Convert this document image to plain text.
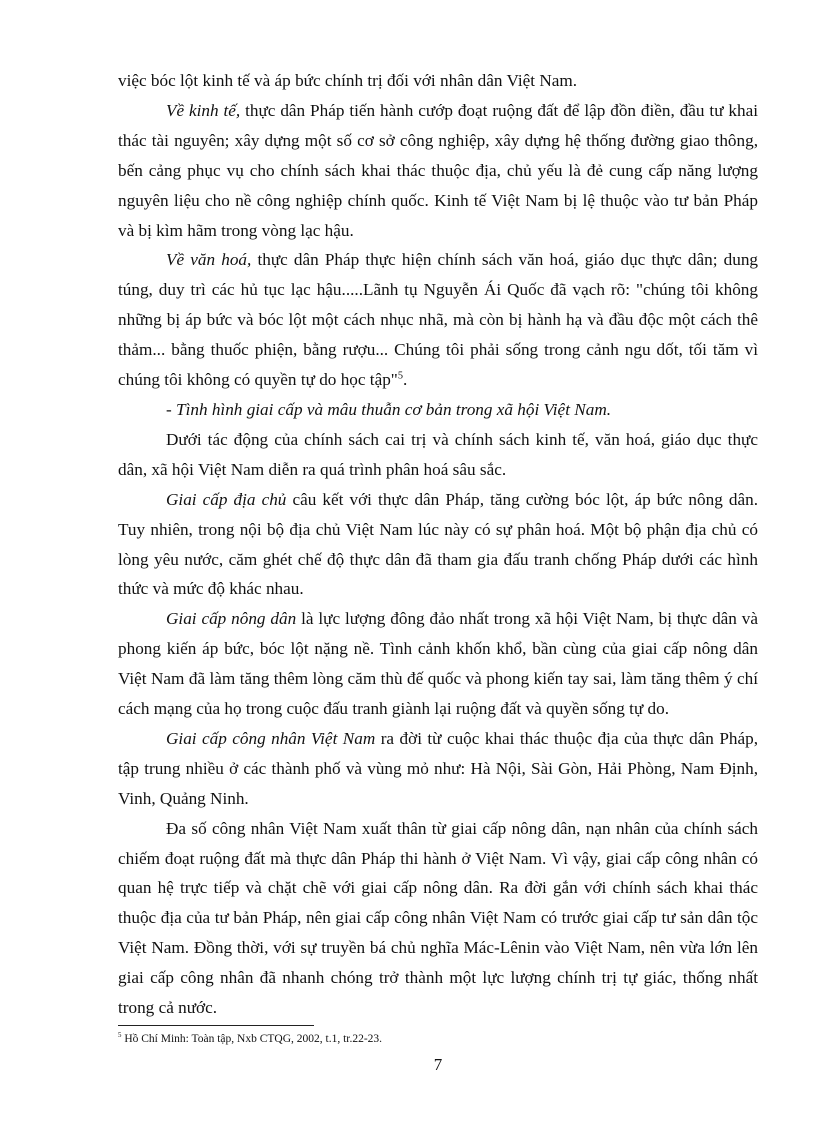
việc bóc lột kinh tế và áp bức chính trị đối với nhân dân Việt Nam.

Về kinh tế, thực dân Pháp tiến hành cướp đoạt ruộng đất để lập đồn điền, đầu tư khai thác tài nguyên; xây dựng một số cơ sở công nghiệp, xây dựng hệ thống đường giao thông, bến cảng phục vụ cho chính sách khai thác thuộc địa, chủ yếu là đẻ cung cấp năng lượng nguyên liệu cho nề công nghiệp chính quốc. Kinh tế Việt Nam bị lệ thuộc vào tư bản Pháp và bị kìm hãm trong vòng lạc hậu.

Về văn hoá, thực dân Pháp thực hiện chính sách văn hoá, giáo dục thực dân; dung túng, duy trì các hủ tục lạc hậu.....Lãnh tụ Nguyễn Ái Quốc đã vạch rõ: "chúng tôi không những bị áp bức và bóc lột một cách nhục nhã, mà còn bị hành hạ và đầu độc một cách thê thảm... bằng thuốc phiện, bằng rượu... Chúng tôi phải sống trong cảnh ngu dốt, tối tăm vì chúng tôi không có quyền tự do học tập"$^5$.

- Tình hình giai cấp và mâu thuẫn cơ bản trong xã hội Việt Nam.

Dưới tác động của chính sách cai trị và chính sách kinh tế, văn hoá, giáo dục thực dân, xã hội Việt Nam diễn ra quá trình phân hoá sâu sắc.

Giai cấp địa chủ câu kết với thực dân Pháp, tăng cường bóc lột, áp bức nông dân. Tuy nhiên, trong nội bộ địa chủ Việt Nam lúc này có sự phân hoá. Một bộ phận địa chủ có lòng yêu nước, căm ghét chế độ thực dân đã tham gia đấu tranh chống Pháp dưới các hình thức và mức độ khác nhau.

Giai cấp nông dân là lực lượng đông đảo nhất trong xã hội Việt Nam, bị thực dân và phong kiến áp bức, bóc lột nặng nề. Tình cảnh khốn khổ, bần cùng của giai cấp nông dân Việt Nam đã làm tăng thêm lòng căm thù đế quốc và phong kiến tay sai, làm tăng thêm ý chí cách mạng của họ trong cuộc đấu tranh giành lại ruộng đất và quyền sống tự do.

Giai cấp công nhân Việt Nam ra đời từ cuộc khai thác thuộc địa của thực dân Pháp, tập trung nhiều ở các thành phố và vùng mỏ như: Hà Nội, Sài Gòn, Hải Phòng, Nam Định, Vinh, Quảng Ninh.

Đa số công nhân Việt Nam xuất thân từ giai cấp nông dân, nạn nhân của chính sách chiếm đoạt ruộng đất mà thực dân Pháp thi hành ở Việt Nam. Vì vậy, giai cấp công nhân có quan hệ trực tiếp và chặt chẽ với giai cấp nông dân. Ra đời gắn với chính sách khai thác thuộc địa của tư bản Pháp, nên giai cấp công nhân Việt Nam có trước giai cấp tư sản dân tộc Việt Nam. Đồng thời, với sự truyền bá chủ nghĩa Mác-Lênin vào Việt Nam, nên vừa lớn lên giai cấp công nhân đã nhanh chóng trở thành một lực lượng chính trị tự giác, thống nhất trong cả nước.

$^5$ Hồ Chí Minh: Toàn tập, Nxb CTQG, 2002, t.1, tr.22-23.
7
